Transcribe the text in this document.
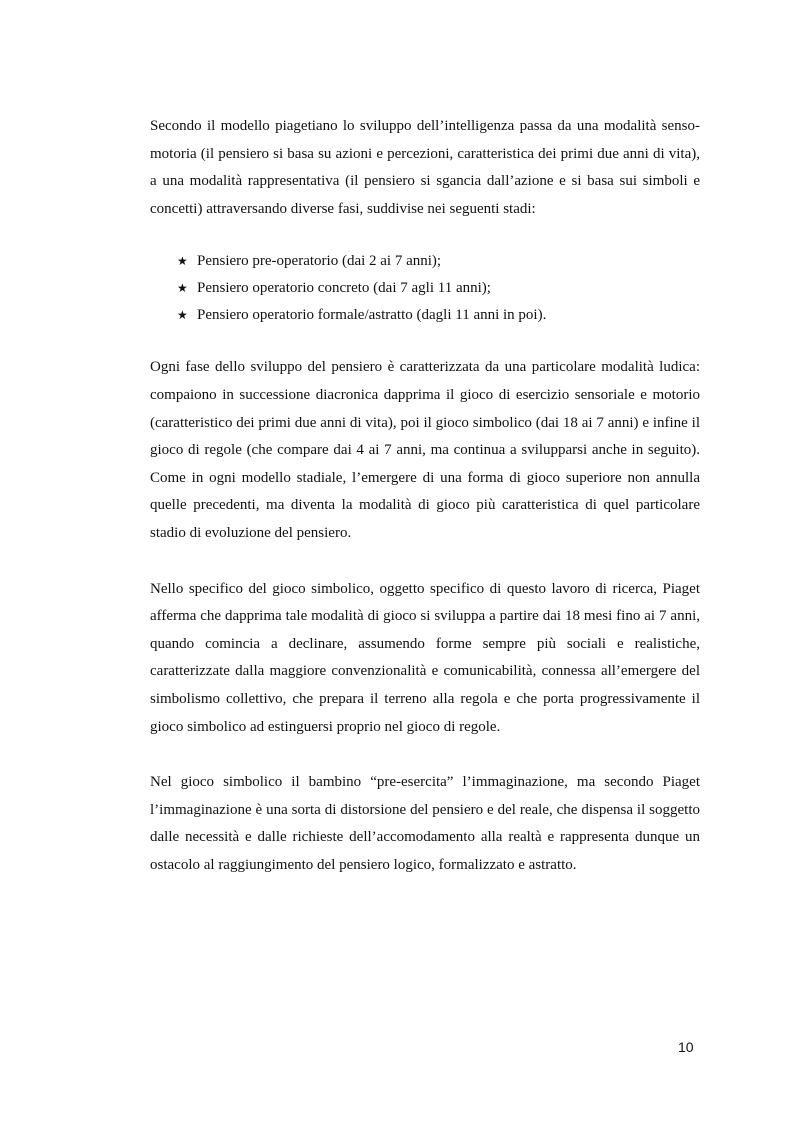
Secondo il modello piagetiano lo sviluppo dell’intelligenza passa da una modalità senso-motoria (il pensiero si basa su azioni e percezioni, caratteristica dei primi due anni di vita), a una modalità rappresentativa (il pensiero si sgancia dall’azione e si basa sui simboli e concetti) attraversando diverse fasi, suddivise nei seguenti stadi:

★ Pensiero pre-operatorio (dai 2 ai 7 anni);
★ Pensiero operatorio concreto (dai 7 agli 11 anni);
★ Pensiero operatorio formale/astratto (dagli 11 anni in poi).

Ogni fase dello sviluppo del pensiero è caratterizzata da una particolare modalità ludica: compaiono in successione diacronica dapprima il gioco di esercizio sensoriale e motorio (caratteristico dei primi due anni di vita), poi il gioco simbolico (dai 18 ai 7 anni) e infine il gioco di regole (che compare dai 4 ai 7 anni, ma continua a svilupparsi anche in seguito). Come in ogni modello stadiale, l’emergere di una forma di gioco superiore non annulla quelle precedenti, ma diventa la modalità di gioco più caratteristica di quel particolare stadio di evoluzione del pensiero.

Nello specifico del gioco simbolico, oggetto specifico di questo lavoro di ricerca, Piaget afferma che dapprima tale modalità di gioco si sviluppa a partire dai 18 mesi fino ai 7 anni, quando comincia a declinare, assumendo forme sempre più sociali e realistiche, caratterizzate dalla maggiore convenzionalità e comunicabilità, connessa all’emergere del simbolismo collettivo, che prepara il terreno alla regola e che porta progressivamente il gioco simbolico ad estinguersi proprio nel gioco di regole.

Nel gioco simbolico il bambino “pre-esercita” l’immaginazione, ma secondo Piaget l’immaginazione è una sorta di distorsione del pensiero e del reale, che dispensa il soggetto dalle necessità e dalle richieste dell’accomodamento alla realtà e rappresenta dunque un ostacolo al raggiungimento del pensiero logico, formalizzato e astratto.

10
